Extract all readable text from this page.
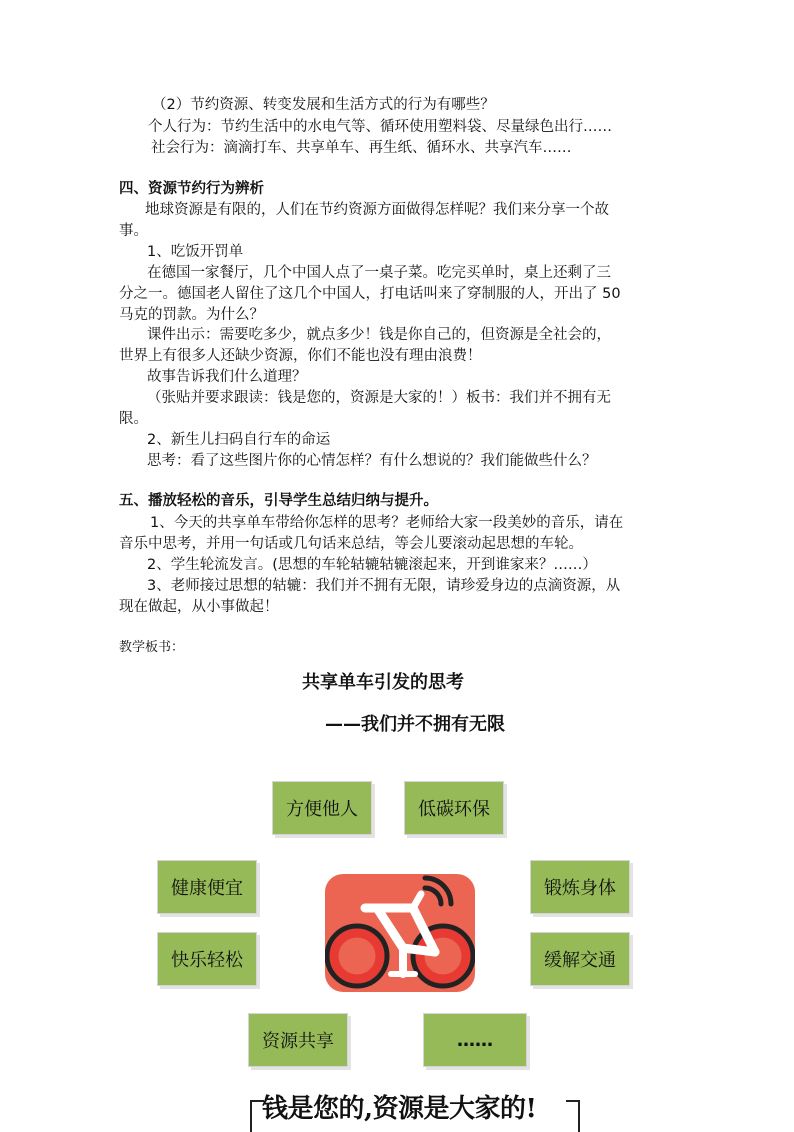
（2）节约资源、转变发展和生活方式的行为有哪些？
个人行为：节约生活中的水电气等、循环使用塑料袋、尽量绿色出行……
社会行为：滴滴打车、共享单车、再生纸、循环水、共享汽车……
四、资源节约行为辨析
地球资源是有限的，人们在节约资源方面做得怎样呢？我们来分享一个故
事。
1、吃饭开罚单
在德国一家餐厅，几个中国人点了一桌子菜。吃完买单时，桌上还剩了三
分之一。德国老人留住了这几个中国人，打电话叫来了穿制服的人，开出了 50
马克的罚款。为什么？
课件出示：需要吃多少，就点多少！钱是你自己的，但资源是全社会的，
世界上有很多人还缺少资源，你们不能也没有理由浪费！
故事告诉我们什么道理？
（张贴并要求跟读：钱是您的，资源是大家的！）板书：我们并不拥有无
限。
2、新生儿扫码自行车的命运
思考：看了这些图片你的心情怎样？有什么想说的？我们能做些什么？
五、播放轻松的音乐，引导学生总结归纳与提升。
1、今天的共享单车带给你怎样的思考？老师给大家一段美妙的音乐，请在
音乐中思考，并用一句话或几句话来总结，等会儿要滚动起思想的车轮。
2、学生轮流发言。(思想的车轮轱辘轱辘滚起来，开到谁家来？……）
3、老师接过思想的轱辘：我们并不拥有无限，请珍爱身边的点滴资源，从
现在做起，从小事做起！
教学板书：
共享单车引发的思考
——我们并不拥有无限
方便他人	低碳环保
健康便宜	锻炼身体
快乐轻松	缓解交通
资源共享	……
钱是您的,资源是大家的!
